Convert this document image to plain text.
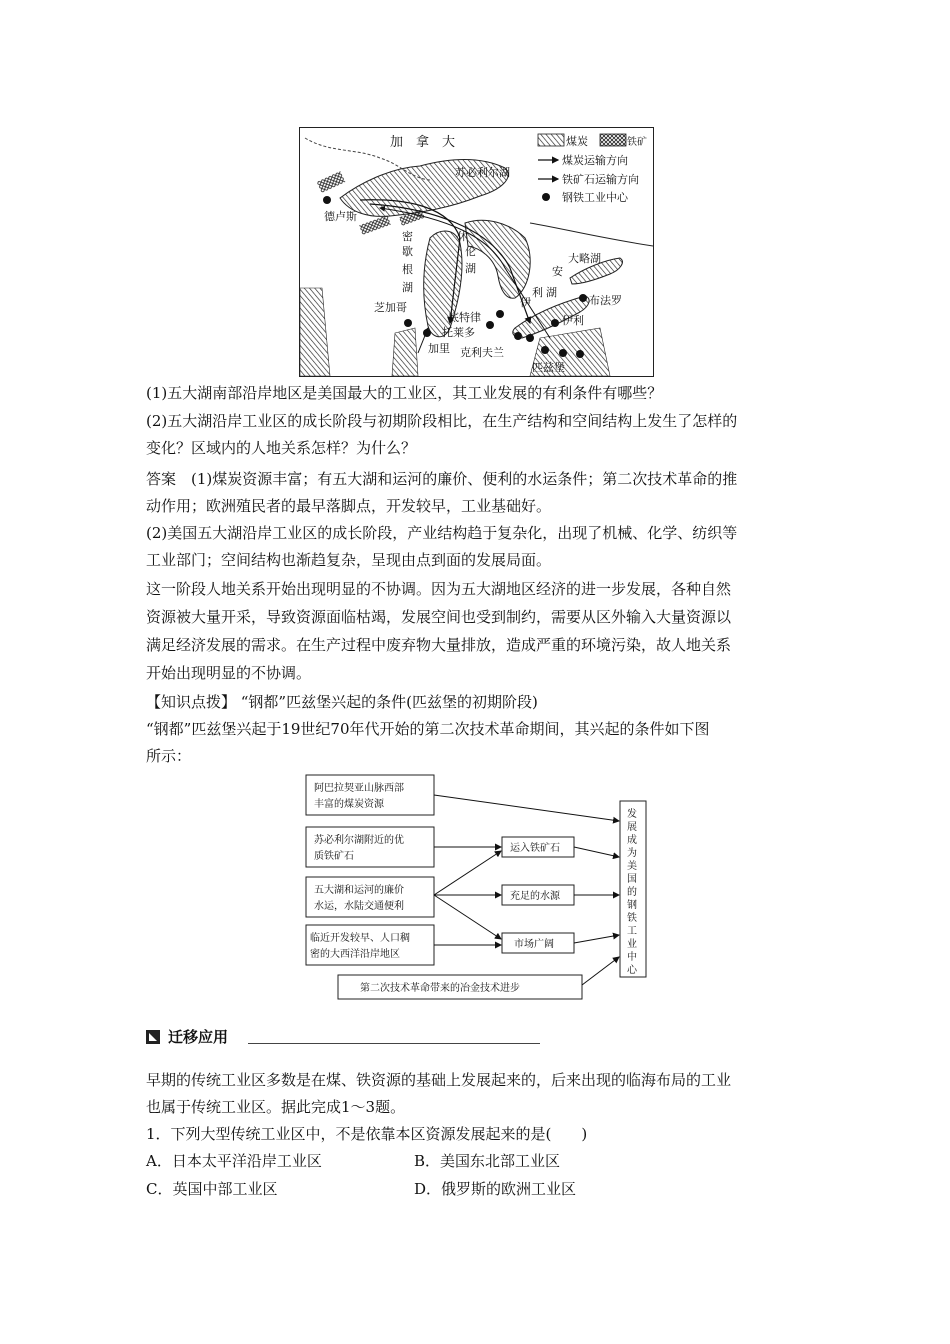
煤炭	铁矿
煤炭运输方向
铁矿石运输方向
钢铁工业中心
加　拿　大
苏必利尔湖
德卢斯
密
歇
根
湖
休
伦
湖
大略湖
安
利 湖
伊	布法罗
芝加哥
底特律
托莱多
加里 克利夫兰
伊利
匹兹堡
(1)五大湖南部沿岸地区是美国最大的工业区，其工业发展的有利条件有哪些？
(2)五大湖沿岸工业区的成长阶段与初期阶段相比，在生产结构和空间结构上发生了怎样的
变化？区域内的人地关系怎样？为什么？
答案　(1)煤炭资源丰富；有五大湖和运河的廉价、便利的水运条件；第二次技术革命的推
动作用；欧洲殖民者的最早落脚点，开发较早，工业基础好。
(2)美国五大湖沿岸工业区的成长阶段，产业结构趋于复杂化，出现了机械、化学、纺织等
工业部门；空间结构也渐趋复杂，呈现由点到面的发展局面。
这一阶段人地关系开始出现明显的不协调。因为五大湖地区经济的进一步发展，各种自然
资源被大量开采，导致资源面临枯竭，发展空间也受到制约，需要从区外输入大量资源以
满足经济发展的需求。在生产过程中废弃物大量排放，造成严重的环境污染，故人地关系
开始出现明显的不协调。
【知识点拨】 “钢都”匹兹堡兴起的条件(匹兹堡的初期阶段)
“钢都”匹兹堡兴起于19世纪70年代开始的第二次技术革命期间，其兴起的条件如下图
所示：
阿巴拉契亚山脉西部
丰富的煤炭资源
苏必利尔湖附近的优
质铁矿石
五大湖和运河的廉价
水运，水陆交通便利
临近开发较早、人口稠
密的大西洋沿岸地区
运入铁矿石
充足的水源
市场广阔
第二次技术革命带来的冶金技术进步
发
展
成
为
美
国
的
钢
铁
工
业
中
心
迁移应用
早期的传统工业区多数是在煤、铁资源的基础上发展起来的，后来出现的临海布局的工业
也属于传统工业区。据此完成1～3题。
1．下列大型传统工业区中，不是依靠本区资源发展起来的是(　　)
A．日本太平洋沿岸工业区	B．美国东北部工业区
C．英国中部工业区	D．俄罗斯的欧洲工业区
